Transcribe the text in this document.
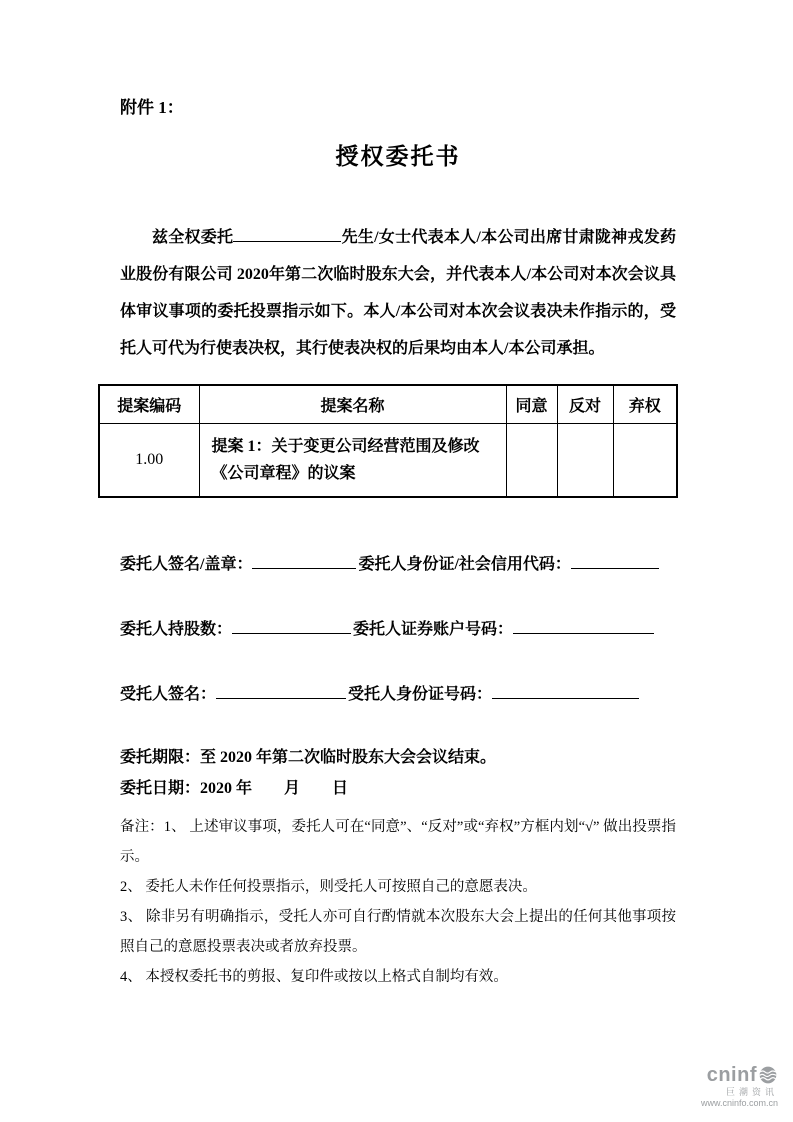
附件 1：
授权委托书

兹全权委托	先生/女士代表本人/本公司出席甘肃陇神戎发药业股份有限公司 2020年第二次临时股东大会，并代表本人/本公司对本次会议具体审议事项的委托投票指示如下。本人/本公司对本次会议表决未作指示的，受托人可代为行使表决权，其行使表决权的后果均由本人/本公司承担。

提案编码	提案名称	同意	反对	弃权
1.00	提案 1：关于变更公司经营范围及修改《公司章程》的议案			
委托人签名/盖章：	委托人身份证/社会信用代码：
委托人持股数：	委托人证券账户号码：
受托人签名：	受托人身份证号码：
委托期限：至 2020 年第二次临时股东大会会议结束。
委托日期：2020 年　　月　　日
备注：1、 上述审议事项，委托人可在“同意”、“反对”或“弃权”方框内划“√” 做出投票指示。
2、 委托人未作任何投票指示，则受托人可按照自己的意愿表决。
3、 除非另有明确指示，受托人亦可自行酌情就本次股东大会上提出的任何其他事项按照自己的意愿投票表决或者放弃投票。
4、 本授权委托书的剪报、复印件或按以上格式自制均有效。
cninf
巨潮资讯
www.cninfo.com.cn
